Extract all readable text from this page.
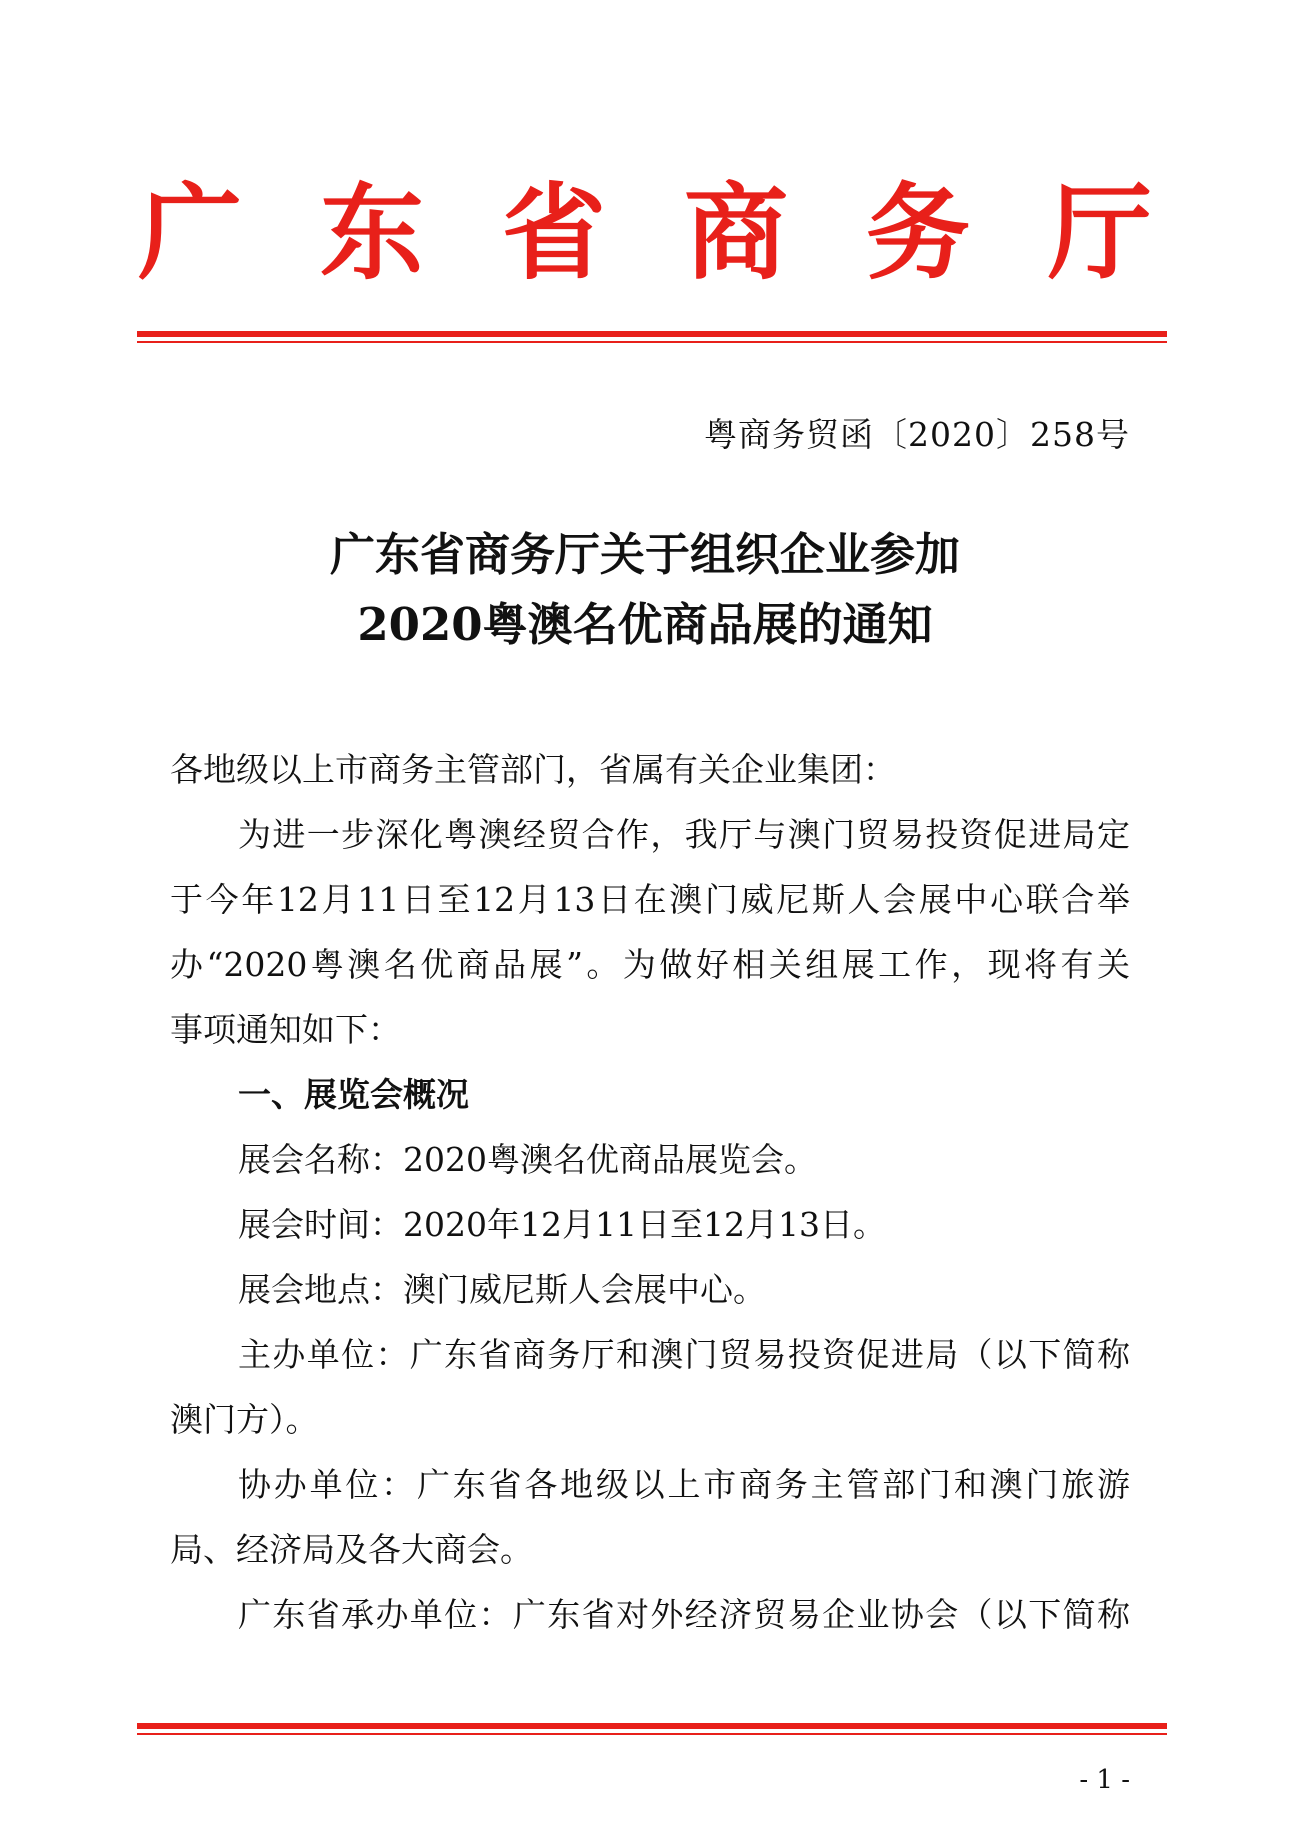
广 东 省 商 务 厅
粤商务贸函〔2020〕258号
广东省商务厅关于组织企业参加
2020粤澳名优商品展的通知
各地级以上市商务主管部门，省属有关企业集团：
为进一步深化粤澳经贸合作，我厅与澳门贸易投资促进局定
于今年12月11日至12月13日在澳门威尼斯人会展中心联合举
办“2020粤澳名优商品展”。为做好相关组展工作，现将有关
事项通知如下：
一、展览会概况
展会名称：2020粤澳名优商品展览会。
展会时间：2020年12月11日至12月13日。
展会地点：澳门威尼斯人会展中心。
主办单位：广东省商务厅和澳门贸易投资促进局（以下简称
澳门方）。
协办单位：广东省各地级以上市商务主管部门和澳门旅游
局、经济局及各大商会。
广东省承办单位：广东省对外经济贸易企业协会（以下简称
- 1 -
